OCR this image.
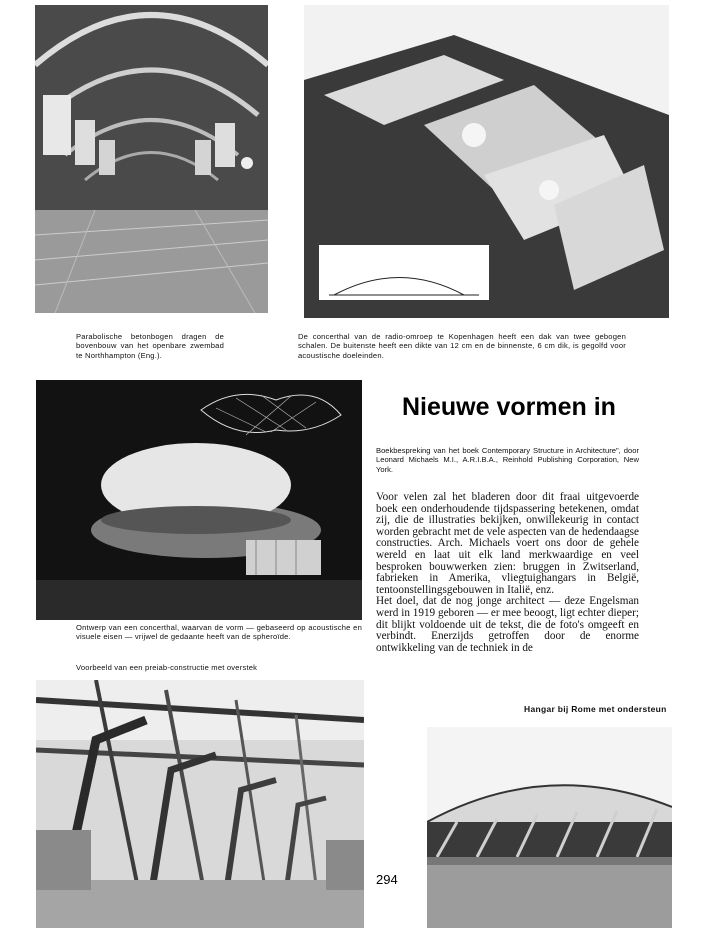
Parabolische betonbogen dragen de bovenbouw van het openbare zwembad te Northhampton (Eng.).
De concerthal van de radio-omroep te Kopenhagen heeft een dak van twee gebogen schalen. De buitenste heeft een dikte van 12 cm en de binnenste, 6 cm dik, is gegolfd voor acoustische doeleinden.
Nieuwe vormen in
Boekbespreking van het boek Contemporary Structure in Architecture", door Leonard Michaels M.I., A.R.I.B.A., Reinhold Publishing Corporation, New York.

Voor velen zal het bladeren door dit fraai uitgevoerde boek een onderhoudende tijdspassering betekenen, omdat zij, die de illustraties bekijken, onwillekeurig in contact worden gebracht met de vele aspecten van de hedendaagse constructies. Arch. Michaels voert ons door de gehele wereld en laat uit elk land merkwaardige en veel besproken bouwwerken zien: bruggen in Zwitserland, fabrieken in Amerika, vliegtuighangars in België, tentoonstellingsgebouwen in Italië, enz.

Het doel, dat de nog jonge architect — deze Engelsman werd in 1919 geboren — er mee beoogt, ligt echter dieper; dit blijkt voldoende uit de tekst, die de foto's omgeeft en verbindt. Enerzijds getroffen door de enorme ontwikkeling van de techniek in de

Ontwerp van een concerthal, waarvan de vorm — gebaseerd op acoustische en visuele eisen — vrijwel de gedaante heeft van de spheroïde.
Voorbeeld van een preiab-constructie met overstek
Hangar bij Rome met ondersteun
294
